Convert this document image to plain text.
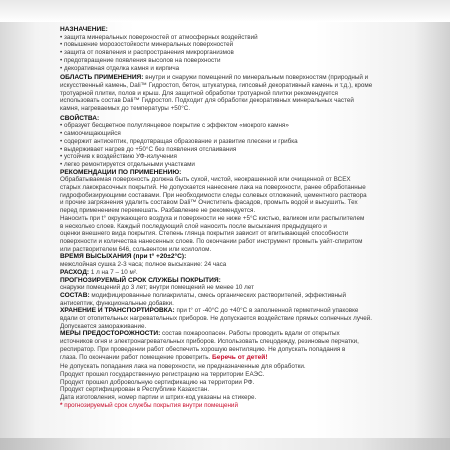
НАЗНАЧЕНИЕ:
• защита минеральных поверхностей от атмосферных воздействий
• повышение морозостойкости минеральных поверхностей
• защита от появления и распространения микрорганизмов
• предотвращение появления высолов на поверхности
• декоративная отделка камня и кирпича
ОБЛАСТЬ ПРИМЕНЕНИЯ: внутри и снаружи помещений по минеральным поверхностям (природный и
искусственный камень, Dali™ Гидростоп, бетон, штукатурка, гипсовый декоративный камень и т.д.), кроме
тротуарной плитки, полов и крыш. Для защитной обработки тротуарной плитки рекомендуется
использовать состав Dali™ Гидростоп. Подходит для обработки декоративных минеральных частей
камня, нагреваемых до температуры +50°С.
СВОЙСТВА:
• образует бесцветное полуглянцевое покрытие с эффектом «мокрого камня»
• самоочищающийся
• содержит антисептик, предотвращая образование и развитие плесени и грибка
• выдерживает нагрев до +50°С без появления отслаивания
• устойчив к воздействию УФ-излучения
• легко ремонтируется отдельными участками
РЕКОМЕНДАЦИИ ПО ПРИМЕНЕНИЮ:
Обрабатываемая поверхность должна быть сухой, чистой, неокрашенной или очищенной от ВСЕХ
старых лакокрасочных покрытий. Не допускается нанесение лака на поверхности, ранее обработанные
гидрофобизирующими составами. При необходимости следы солевых отложений, цементного раствора
и прочие загрязнения удалить составом Dali™ Очиститель фасадов, промыть водой и высушить. Тех
перед применением перемешать. Разбавление не рекомендуется.
Наносить при t° окружающего воздуха и поверхности не ниже +5°С кистью, валиком или распылителем
в несколько слоев. Каждый последующий слой наносить после высыхания предыдущего и
оценки внешнего вида покрытия. Степень глянца покрытия зависит от впитывающей способности
поверхности и количества нанесенных слоев. По окончании работ инструмент промыть уайт-спиритом
или растворителем 646, сольвентом или ксилолом.
ВРЕМЯ ВЫСЫХАНИЯ (при t° +20±2°С):
межслойная сушка 2-3 часа; полное высыхание: 24 часа
РАСХОД: 1 л на 7 – 10 м².
ПРОГНОЗИРУЕМЫЙ СРОК СЛУЖБЫ ПОКРЫТИЯ:
снаружи помещений до 3 лет; внутри помещений не менее 10 лет
СОСТАВ: модифицированные полиакрилаты, смесь органических растворителей, эффективный
антисептик, функциональные добавки.
ХРАНЕНИЕ И ТРАНСПОРТИРОВКА: при t° от -40°С до +40°С в заполненной герметичной упаковке
вдали от отопительных нагревательных приборов. Не допускается воздействие прямых солнечных лучей.
Допускается замораживание.
МЕРЫ ПРЕДОСТОРОЖНОСТИ: состав пожароопасен. Работы проводить вдали от открытых
источников огня и электронагревательных приборов. Использовать спецодежду, резиновые перчатки,
респиратор. При проведении работ обеспечить хорошую вентиляцию. Не допускать попадания в
глаза. По окончании работ помещение проветрить. Беречь от детей!
Не допускать попадания лака на поверхности, не предназначенные для обработки.
Продукт прошел государственную регистрацию на территории ЕАЭС.
Продукт прошел добровольную сертификацию на территории РФ.
Продукт сертифицирован в Республике Казахстан.
Дата изготовления, номер партии и штрих-код указаны на стикере.
* прогнозируемый срок службы покрытия внутри помещений
